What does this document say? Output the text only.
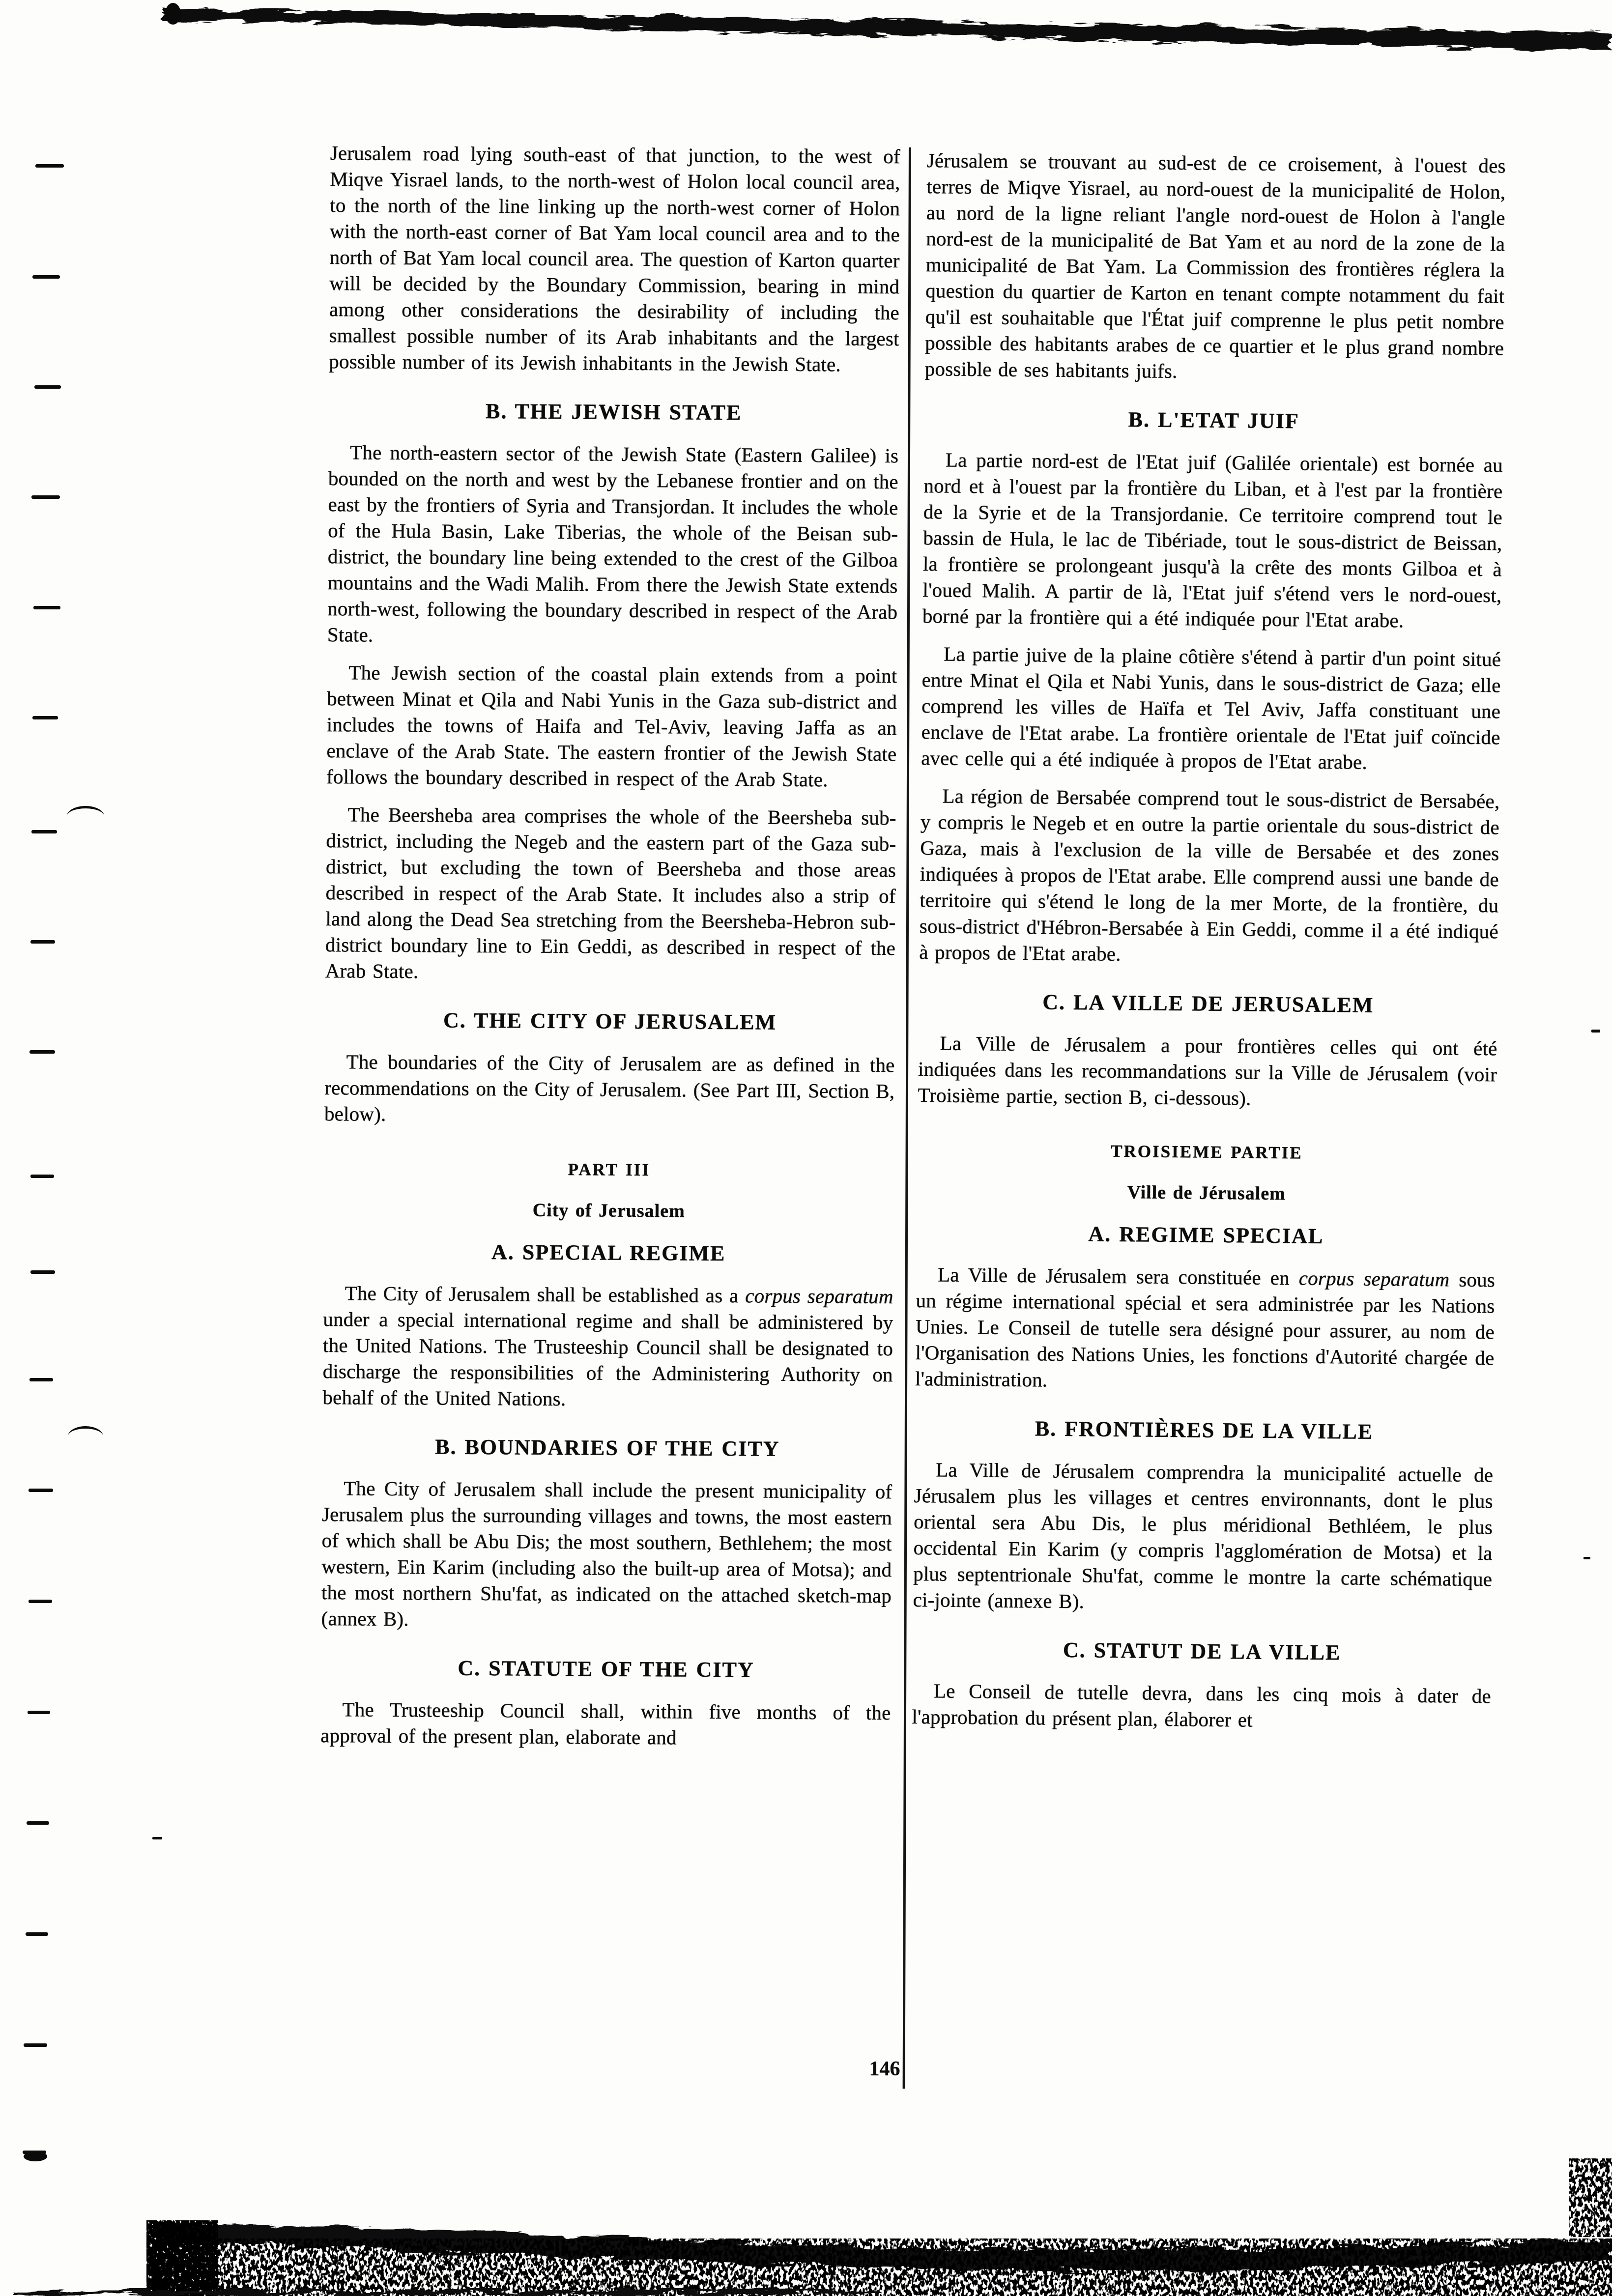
Jerusalem road lying south-east of that junction, to the west of Miqve Yisrael lands, to the north-west of Holon local council area, to the north of the line linking up the north-west corner of Holon with the north-east corner of Bat Yam local council area and to the north of Bat Yam local council area. The question of Karton quarter will be decided by the Boundary Commission, bearing in mind among other considerations the desirability of including the smallest possible number of its Arab inhabitants and the largest possible number of its Jewish inhabitants in the Jewish State.

B. THE JEWISH STATE

The north-eastern sector of the Jewish State (Eastern Galilee) is bounded on the north and west by the Lebanese frontier and on the east by the frontiers of Syria and Transjordan. It includes the whole of the Hula Basin, Lake Tiberias, the whole of the Beisan sub-district, the boundary line being extended to the crest of the Gilboa mountains and the Wadi Malih. From there the Jewish State extends north-west, following the boundary described in respect of the Arab State.

The Jewish section of the coastal plain extends from a point between Minat et Qila and Nabi Yunis in the Gaza sub-district and includes the towns of Haifa and Tel-Aviv, leaving Jaffa as an enclave of the Arab State. The eastern frontier of the Jewish State follows the boundary described in respect of the Arab State.

The Beersheba area comprises the whole of the Beersheba sub-district, including the Negeb and the eastern part of the Gaza sub-district, but excluding the town of Beersheba and those areas described in respect of the Arab State. It includes also a strip of land along the Dead Sea stretching from the Beersheba-Hebron sub-district boundary line to Ein Geddi, as described in respect of the Arab State.

C. THE CITY OF JERUSALEM

The boundaries of the City of Jerusalem are as defined in the recommendations on the City of Jerusalem. (See Part III, Section B, below).

PART III
City of Jerusalem
A. SPECIAL REGIME

The City of Jerusalem shall be established as a corpus separatum under a special international regime and shall be administered by the United Nations. The Trusteeship Council shall be designated to discharge the responsibilities of the Administering Authority on behalf of the United Nations.

B. BOUNDARIES OF THE CITY

The City of Jerusalem shall include the present municipality of Jerusalem plus the surrounding villages and towns, the most eastern of which shall be Abu Dis; the most southern, Bethlehem; the most western, Ein Karim (including also the built-up area of Motsa); and the most northern Shu'fat, as indicated on the attached sketch-map (annex B).

C. STATUTE OF THE CITY

The Trusteeship Council shall, within five months of the approval of the present plan, elaborate and

Jérusalem se trouvant au sud-est de ce croisement, à l'ouest des terres de Miqve Yisrael, au nord-ouest de la municipalité de Holon, au nord de la ligne reliant l'angle nord-ouest de Holon à l'angle nord-est de la municipalité de Bat Yam et au nord de la zone de la municipalité de Bat Yam. La Commission des frontières réglera la question du quartier de Karton en tenant compte notamment du fait qu'il est souhaitable que l'État juif comprenne le plus petit nombre possible des habitants arabes de ce quartier et le plus grand nombre possible de ses habitants juifs.

B. L'ETAT JUIF

La partie nord-est de l'Etat juif (Galilée orientale) est bornée au nord et à l'ouest par la frontière du Liban, et à l'est par la frontière de la Syrie et de la Transjordanie. Ce territoire comprend tout le bassin de Hula, le lac de Tibériade, tout le sous-district de Beissan, la frontière se prolongeant jusqu'à la crête des monts Gilboa et à l'oued Malih. A partir de là, l'Etat juif s'étend vers le nord-ouest, borné par la frontière qui a été indiquée pour l'Etat arabe.

La partie juive de la plaine côtière s'étend à partir d'un point situé entre Minat el Qila et Nabi Yunis, dans le sous-district de Gaza; elle comprend les villes de Haïfa et Tel Aviv, Jaffa constituant une enclave de l'Etat arabe. La frontière orientale de l'Etat juif coïncide avec celle qui a été indiquée à propos de l'Etat arabe.

La région de Bersabée comprend tout le sous-district de Bersabée, y compris le Negeb et en outre la partie orientale du sous-district de Gaza, mais à l'exclusion de la ville de Bersabée et des zones indiquées à propos de l'Etat arabe. Elle comprend aussi une bande de territoire qui s'étend le long de la mer Morte, de la frontière, du sous-district d'Hébron-Bersabée à Ein Geddi, comme il a été indiqué à propos de l'Etat arabe.

C. LA VILLE DE JERUSALEM

La Ville de Jérusalem a pour frontières celles qui ont été indiquées dans les recommandations sur la Ville de Jérusalem (voir Troisième partie, section B, ci-dessous).

TROISIEME PARTIE
Ville de Jérusalem
A. REGIME SPECIAL

La Ville de Jérusalem sera constituée en corpus separatum sous un régime international spécial et sera administrée par les Nations Unies. Le Conseil de tutelle sera désigné pour assurer, au nom de l'Organisation des Nations Unies, les fonctions d'Autorité chargée de l'administration.

B. FRONTIÈRES DE LA VILLE

La Ville de Jérusalem comprendra la municipalité actuelle de Jérusalem plus les villages et centres environnants, dont le plus oriental sera Abu Dis, le plus méridional Bethléem, le plus occidental Ein Karim (y compris l'agglomération de Motsa) et la plus septentrionale Shu'fat, comme le montre la carte schématique ci-jointe (annexe B).

C. STATUT DE LA VILLE

Le Conseil de tutelle devra, dans les cinq mois à dater de l'approbation du présent plan, élaborer et

146
